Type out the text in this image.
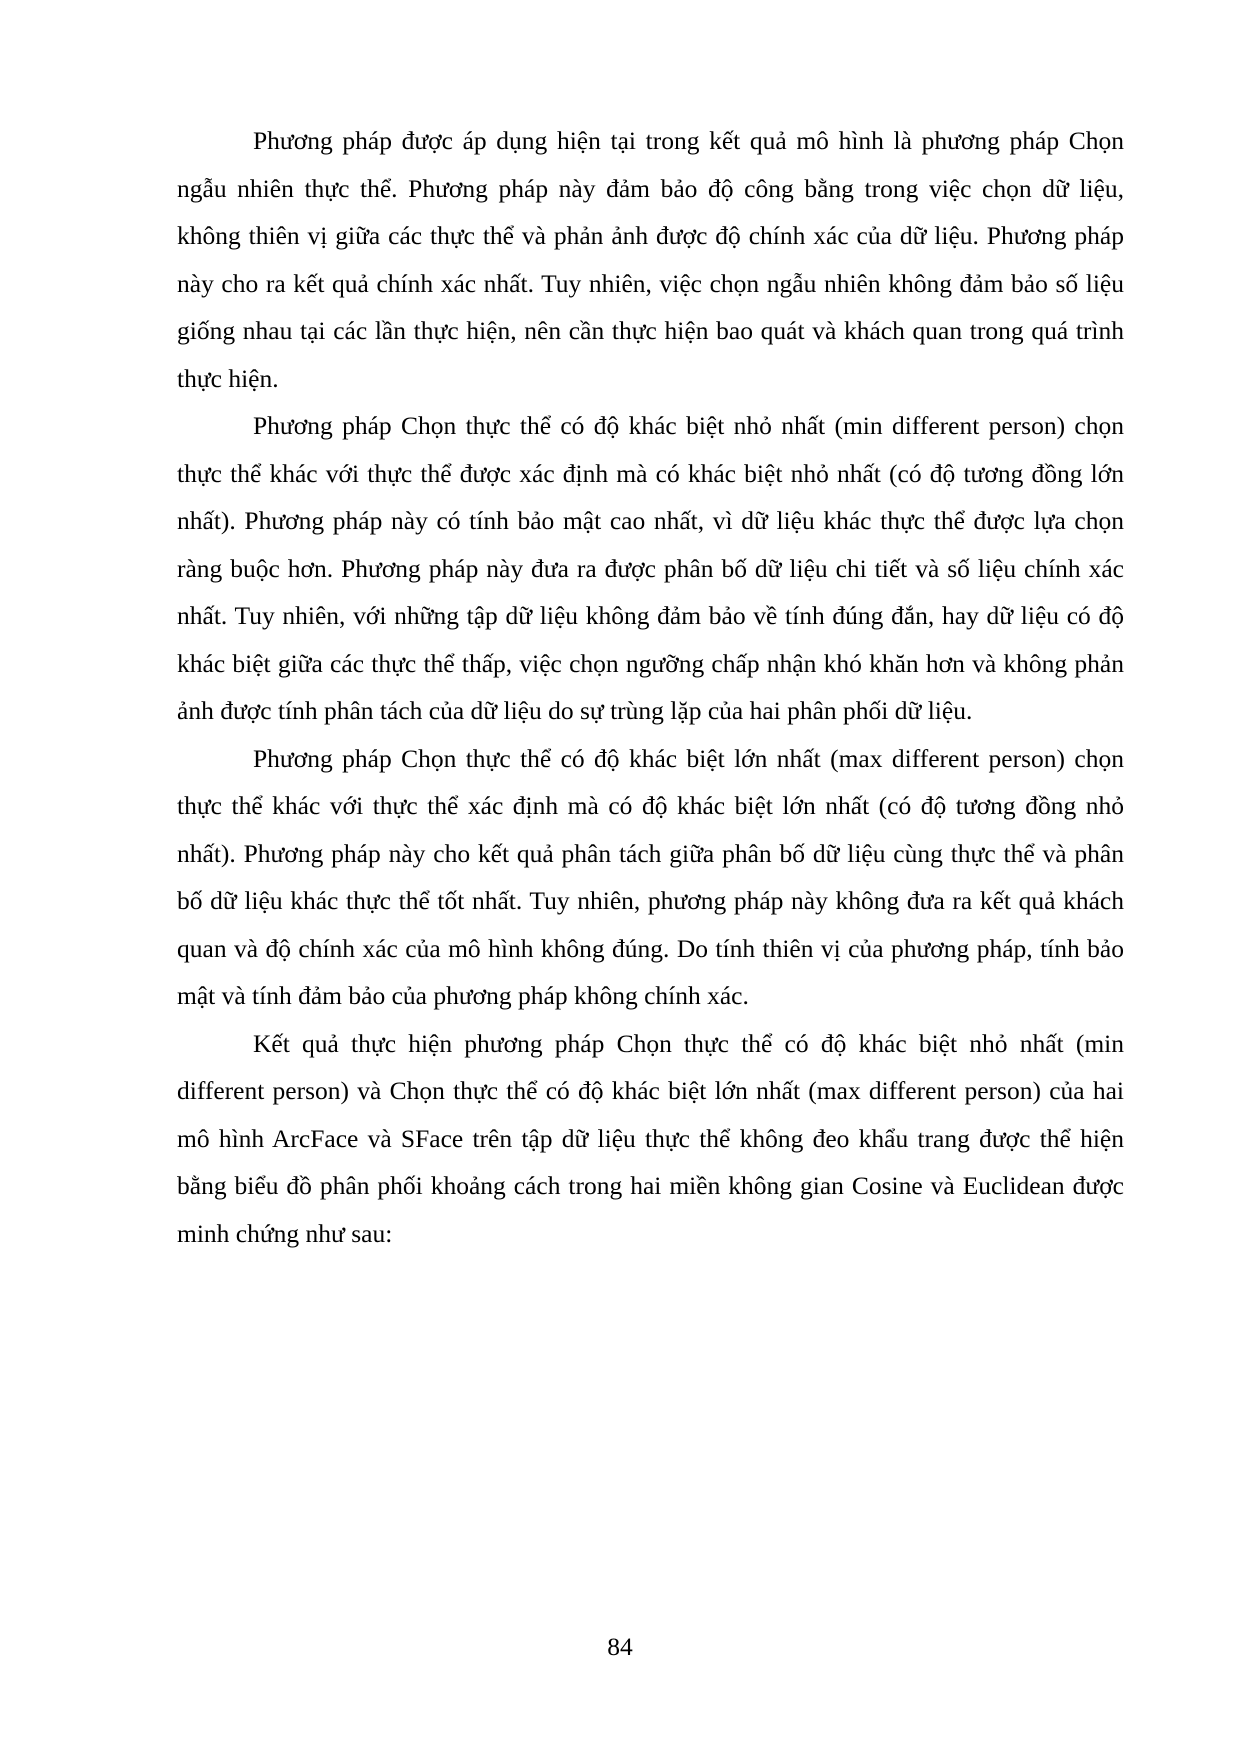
Phương pháp được áp dụng hiện tại trong kết quả mô hình là phương pháp Chọn ngẫu nhiên thực thể. Phương pháp này đảm bảo độ công bằng trong việc chọn dữ liệu, không thiên vị giữa các thực thể và phản ảnh được độ chính xác của dữ liệu. Phương pháp này cho ra kết quả chính xác nhất. Tuy nhiên, việc chọn ngẫu nhiên không đảm bảo số liệu giống nhau tại các lần thực hiện, nên cần thực hiện bao quát và khách quan trong quá trình thực hiện.

Phương pháp Chọn thực thể có độ khác biệt nhỏ nhất (min different person) chọn thực thể khác với thực thể được xác định mà có khác biệt nhỏ nhất (có độ tương đồng lớn nhất). Phương pháp này có tính bảo mật cao nhất, vì dữ liệu khác thực thể được lựa chọn ràng buộc hơn. Phương pháp này đưa ra được phân bố dữ liệu chi tiết và số liệu chính xác nhất. Tuy nhiên, với những tập dữ liệu không đảm bảo về tính đúng đắn, hay dữ liệu có độ khác biệt giữa các thực thể thấp, việc chọn ngưỡng chấp nhận khó khăn hơn và không phản ảnh được tính phân tách của dữ liệu do sự trùng lặp của hai phân phối dữ liệu.

Phương pháp Chọn thực thể có độ khác biệt lớn nhất (max different person) chọn thực thể khác với thực thể xác định mà có độ khác biệt lớn nhất (có độ tương đồng nhỏ nhất). Phương pháp này cho kết quả phân tách giữa phân bố dữ liệu cùng thực thể và phân bố dữ liệu khác thực thể tốt nhất. Tuy nhiên, phương pháp này không đưa ra kết quả khách quan và độ chính xác của mô hình không đúng. Do tính thiên vị của phương pháp, tính bảo mật và tính đảm bảo của phương pháp không chính xác.

Kết quả thực hiện phương pháp Chọn thực thể có độ khác biệt nhỏ nhất (min different person) và Chọn thực thể có độ khác biệt lớn nhất (max different person) của hai mô hình ArcFace và SFace trên tập dữ liệu thực thể không đeo khẩu trang được thể hiện bằng biểu đồ phân phối khoảng cách trong hai miền không gian Cosine và Euclidean được minh chứng như sau:

84
